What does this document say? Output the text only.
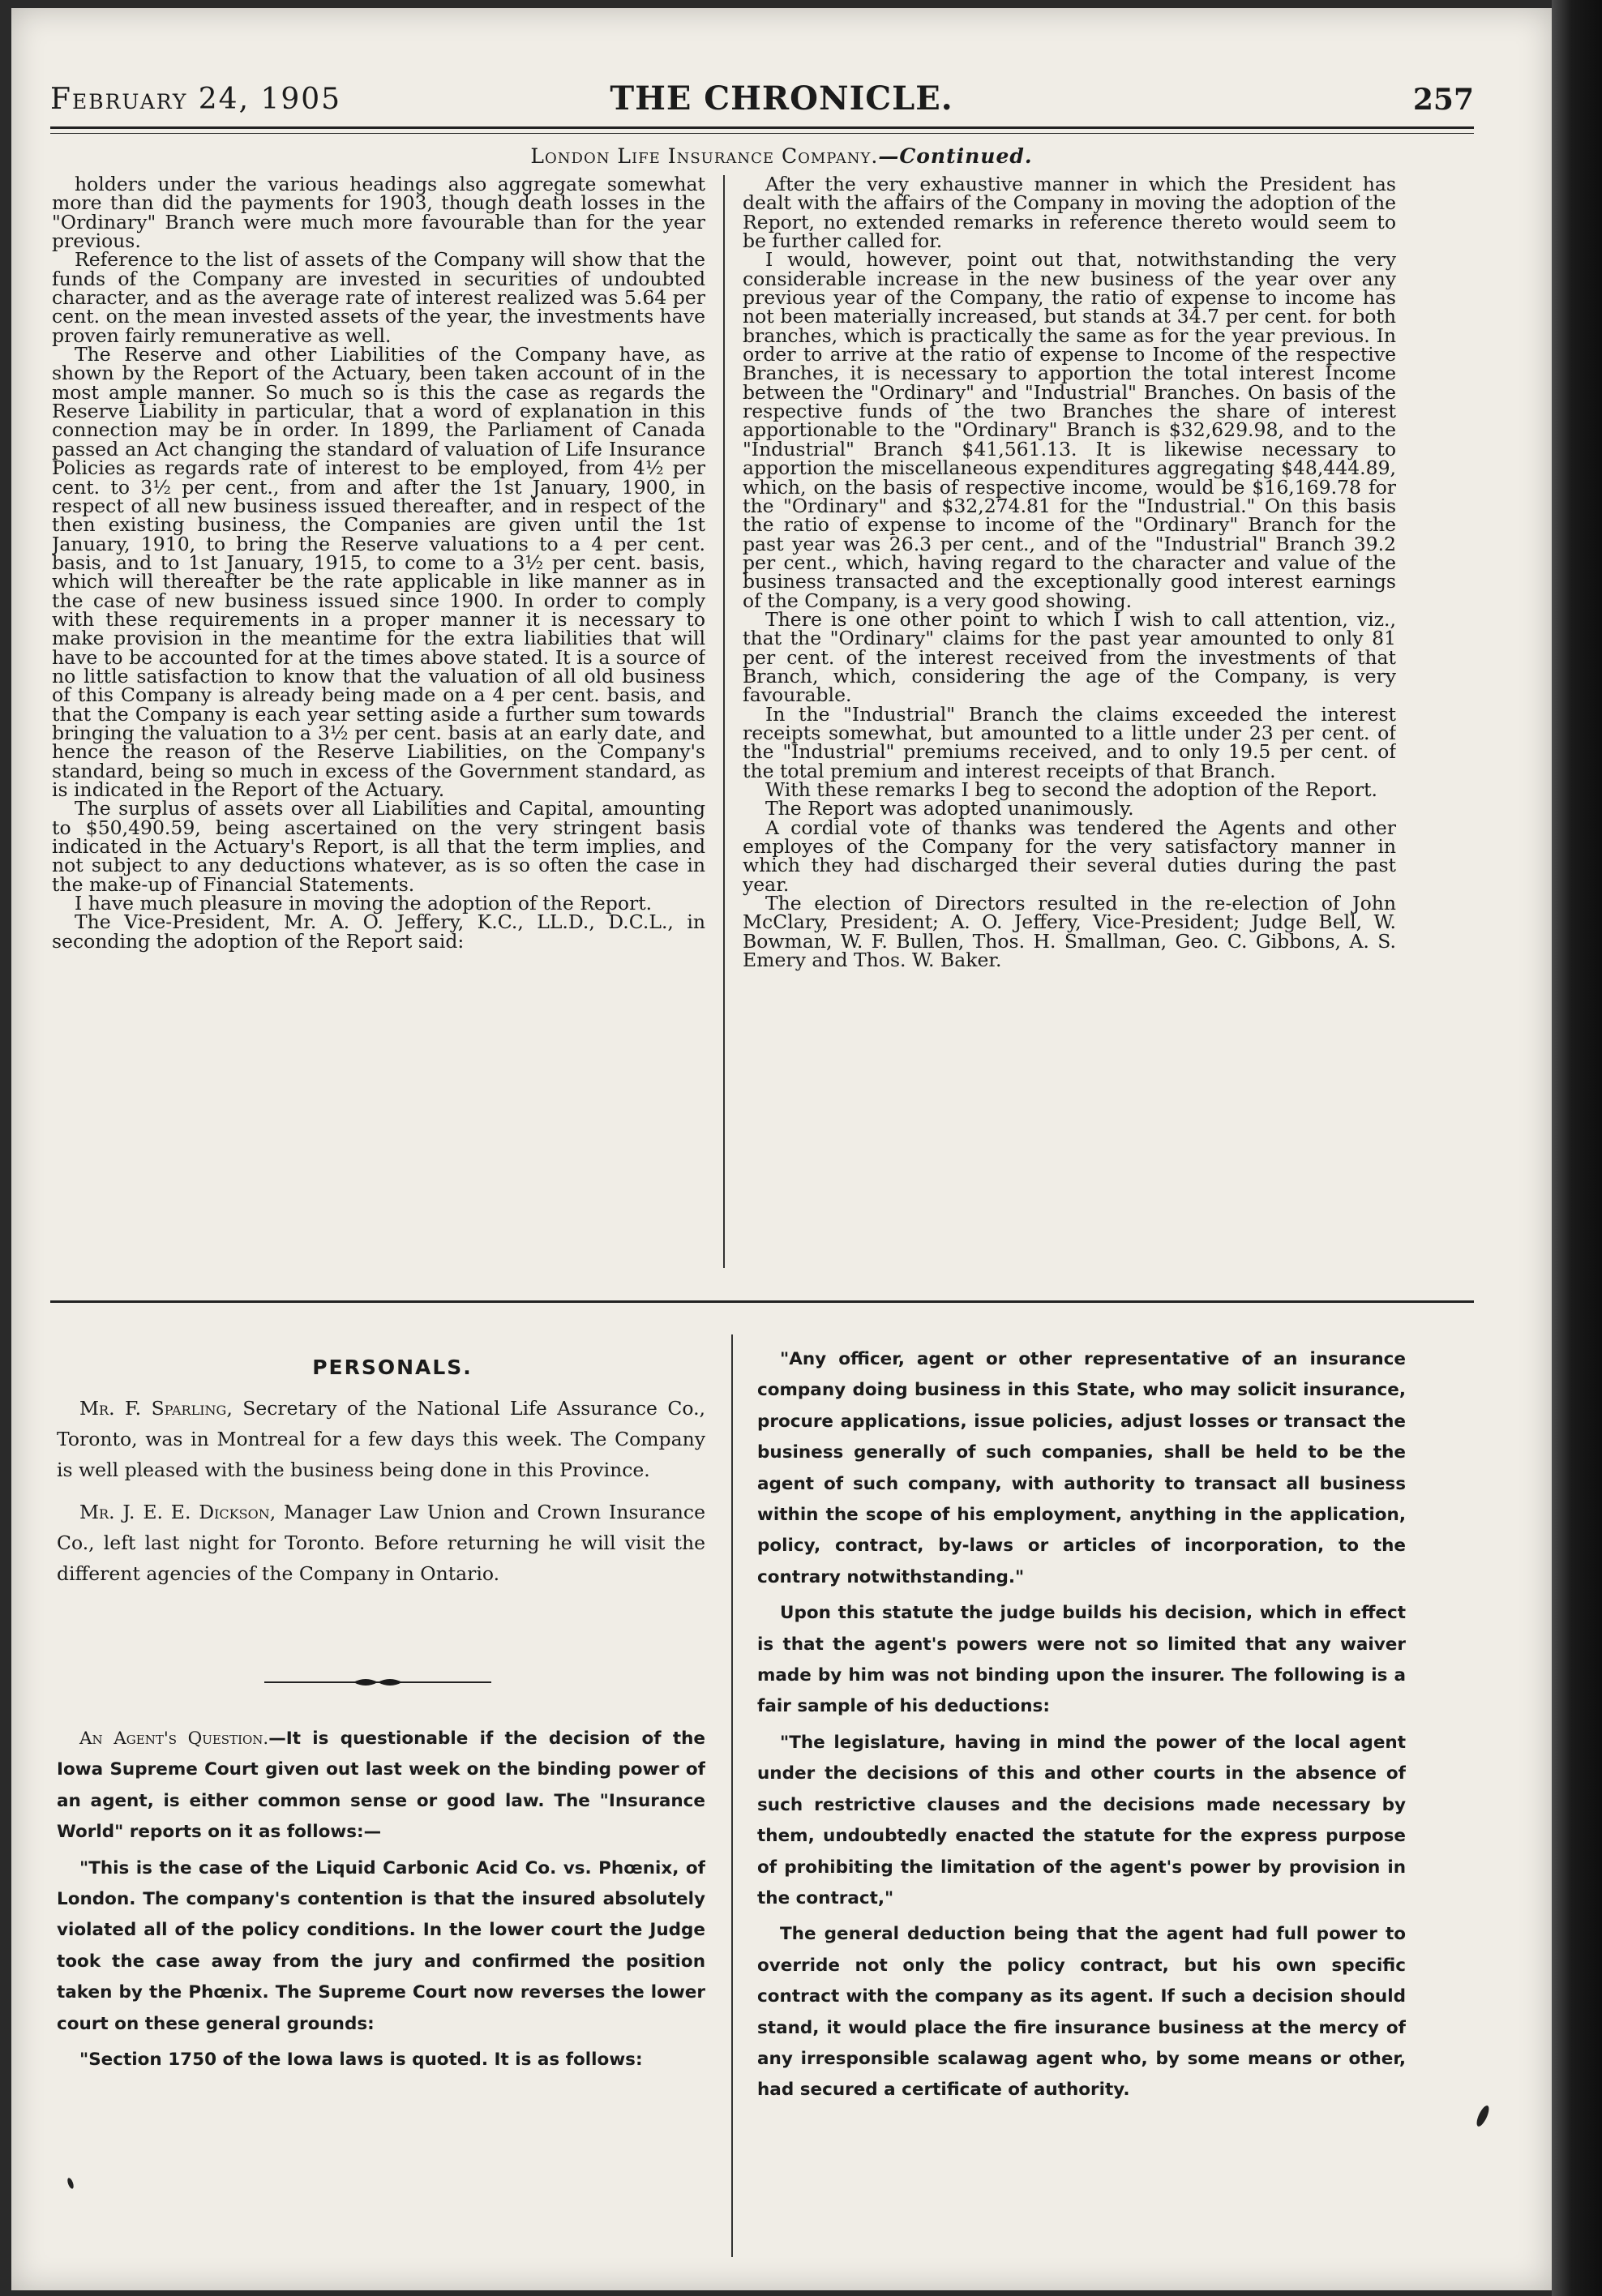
February 24, 1905	THE CHRONICLE.	257
London Life Insurance Company.—Continued.

holders under the various headings also aggregate somewhat more than did the payments for 1903, though death losses in the "Ordinary" Branch were much more favourable than for the year previous.

Reference to the list of assets of the Company will show that the funds of the Company are invested in securities of undoubted character, and as the average rate of interest realized was 5.64 per cent. on the mean invested assets of the year, the investments have proven fairly remunerative as well.

The Reserve and other Liabilities of the Company have, as shown by the Report of the Actuary, been taken account of in the most ample manner. So much so is this the case as regards the Reserve Liability in particular, that a word of explanation in this connection may be in order. In 1899, the Parliament of Canada passed an Act changing the standard of valuation of Life Insurance Policies as regards rate of interest to be employed, from 4½ per cent. to 3½ per cent., from and after the 1st January, 1900, in respect of all new business issued thereafter, and in respect of the then existing business, the Companies are given until the 1st January, 1910, to bring the Reserve valuations to a 4 per cent. basis, and to 1st January, 1915, to come to a 3½ per cent. basis, which will thereafter be the rate applicable in like manner as in the case of new business issued since 1900. In order to comply with these requirements in a proper manner it is necessary to make provision in the meantime for the extra liabilities that will have to be accounted for at the times above stated. It is a source of no little satisfaction to know that the valuation of all old business of this Company is already being made on a 4 per cent. basis, and that the Company is each year setting aside a further sum towards bringing the valuation to a 3½ per cent. basis at an early date, and hence the reason of the Reserve Liabilities, on the Company's standard, being so much in excess of the Government standard, as is indicated in the Report of the Actuary.

The surplus of assets over all Liabilities and Capital, amounting to $50,490.59, being ascertained on the very stringent basis indicated in the Actuary's Report, is all that the term implies, and not subject to any deductions whatever, as is so often the case in the make-up of Financial Statements.

I have much pleasure in moving the adoption of the Report.

The Vice-President, Mr. A. O. Jeffery, K.C., LL.D., D.C.L., in seconding the adoption of the Report said:

After the very exhaustive manner in which the President has dealt with the affairs of the Company in moving the adoption of the Report, no extended remarks in reference thereto would seem to be further called for.

I would, however, point out that, notwithstanding the very considerable increase in the new business of the year over any previous year of the Company, the ratio of expense to income has not been materially increased, but stands at 34.7 per cent. for both branches, which is practically the same as for the year previous. In order to arrive at the ratio of expense to Income of the respective Branches, it is necessary to apportion the total interest Income between the "Ordinary" and "Industrial" Branches. On basis of the respective funds of the two Branches the share of interest apportionable to the "Ordinary" Branch is $32,629.98, and to the "Industrial" Branch $41,561.13. It is likewise necessary to apportion the miscellaneous expenditures aggregating $48,444.89, which, on the basis of respective income, would be $16,169.78 for the "Ordinary" and $32,274.81 for the "Industrial." On this basis the ratio of expense to income of the "Ordinary" Branch for the past year was 26.3 per cent., and of the "Industrial" Branch 39.2 per cent., which, having regard to the character and value of the business transacted and the exceptionally good interest earnings of the Company, is a very good showing.

There is one other point to which I wish to call attention, viz., that the "Ordinary" claims for the past year amounted to only 81 per cent. of the interest received from the investments of that Branch, which, considering the age of the Company, is very favourable.

In the "Industrial" Branch the claims exceeded the interest receipts somewhat, but amounted to a little under 23 per cent. of the "Industrial" premiums received, and to only 19.5 per cent. of the total premium and interest receipts of that Branch.

With these remarks I beg to second the adoption of the Report.

The Report was adopted unanimously.

A cordial vote of thanks was tendered the Agents and other employes of the Company for the very satisfactory manner in which they had discharged their several duties during the past year.

The election of Directors resulted in the re-election of John McClary, President; A. O. Jeffery, Vice-President; Judge Bell, W. Bowman, W. F. Bullen, Thos. H. Smallman, Geo. C. Gibbons, A. S. Emery and Thos. W. Baker.

PERSONALS.

Mr. F. Sparling, Secretary of the National Life Assurance Co., Toronto, was in Montreal for a few days this week. The Company is well pleased with the business being done in this Province.

Mr. J. E. E. Dickson, Manager Law Union and Crown Insurance Co., left last night for Toronto. Before returning he will visit the different agencies of the Company in Ontario.

An Agent's Question.—It is questionable if the decision of the Iowa Supreme Court given out last week on the binding power of an agent, is either common sense or good law. The "Insurance World" reports on it as follows:—

"This is the case of the Liquid Carbonic Acid Co. vs. Phœnix, of London. The company's contention is that the insured absolutely violated all of the policy conditions. In the lower court the Judge took the case away from the jury and confirmed the position taken by the Phœnix. The Supreme Court now reverses the lower court on these general grounds:

"Section 1750 of the Iowa laws is quoted. It is as follows:

"Any officer, agent or other representative of an insurance company doing business in this State, who may solicit insurance, procure applications, issue policies, adjust losses or transact the business generally of such companies, shall be held to be the agent of such company, with authority to transact all business within the scope of his employment, anything in the application, policy, contract, by-laws or articles of incorporation, to the contrary notwithstanding."

Upon this statute the judge builds his decision, which in effect is that the agent's powers were not so limited that any waiver made by him was not binding upon the insurer. The following is a fair sample of his deductions:

"The legislature, having in mind the power of the local agent under the decisions of this and other courts in the absence of such restrictive clauses and the decisions made necessary by them, undoubtedly enacted the statute for the express purpose of prohibiting the limitation of the agent's power by provision in the contract,"

The general deduction being that the agent had full power to override not only the policy contract, but his own specific contract with the company as its agent. If such a decision should stand, it would place the fire insurance business at the mercy of any irresponsible scalawag agent who, by some means or other, had secured a certificate of authority.
